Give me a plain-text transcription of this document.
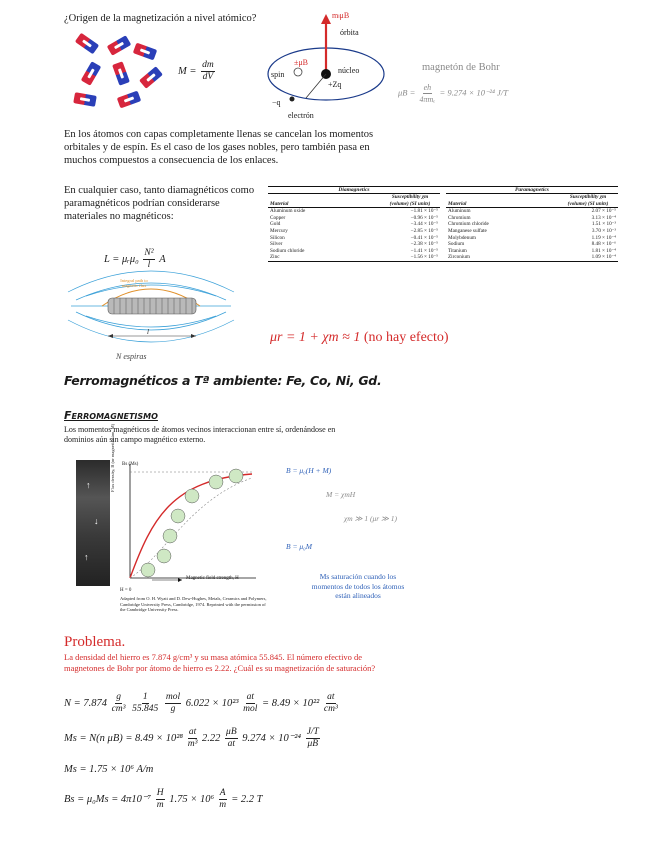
¿Origen de la magnetización a nivel atómico?
$M = \frac{dm}{dV}$
mₗμB
órbita
±μB
spin	núcleo
+Zq
−q
electrón
magnetón de Bohr
$\mu B = \frac{eh}{\text{4πmₑ}} = 9.274 \times 10^{-24}$ J/T
En los átomos con capas completamente llenas se cancelan los momentos orbitales y de espín. Es el caso de los gases nobles, pero también pasa en muchos compuestos a consecuencia de los enlaces.
En cualquier caso, tanto diamagnéticos como paramagnéticos podrían considerarse materiales no magnéticos:
L = μᵣμ₀ $\frac{\text{N²}}{l}$ A
Integral path to magnetic flux
l
N espiras
Diamagnetics	Paramagnetics
Material	Susceptibility χm (volume) (SI units)
Aluminum oxide	−1.81 × 10⁻⁵
Copper	−0.96 × 10⁻⁵
Gold	−3.44 × 10⁻⁵
Mercury	−2.85 × 10⁻⁵
Silicon	−0.41 × 10⁻⁵
Silver	−2.38 × 10⁻⁵
Sodium chloride	−1.41 × 10⁻⁵
Zinc	−1.56 × 10⁻⁵
Material	Susceptibility χm (volume) (SI units)
Aluminum	2.07 × 10⁻⁵
Chromium	3.13 × 10⁻⁴
Chromium chloride	1.51 × 10⁻³
Manganese sulfate	3.70 × 10⁻³
Molybdenum	1.19 × 10⁻⁴
Sodium	8.48 × 10⁻⁶
Titanium	1.81 × 10⁻⁴
Zirconium	1.09 × 10⁻⁴
μr = 1 + χm ≈ 1 (no hay efecto)
Ferromagnéticos a Tª ambiente: Fe, Co, Ni, Gd.
Ferromagnetismo
Los momentos magnéticos de átomos vecinos interaccionan entre sí, ordenándose en dominios aún sin campo magnético externo.
↑
↓
↑
Flux density, B (or magnetization, M) Bs (Ms)
Magnetic field strength, H
H = 0
Adapted from O. H. Wyatt and D. Dew-Hughes, Metals, Ceramics and Polymers, Cambridge University Press, Cambridge, 1974. Reprinted with the permission of the Cambridge University Press.
B = μ₀(H + M)
M = χmH
χm ≫ 1 (μr ≫ 1)
B = μ₀M
Ms saturación cuando los momentos de todos los átomos están alineados
Problema.
La densidad del hierro es 7.874 g/cm³ y su masa atómica 55.845. El número efectivo de magnetones de Bohr por átomo de hierro es 2.22. ¿Cuál es su magnetización de saturación?
$N = 7.874 \frac{g}{\text{cm³}}$
$\frac{1}{55.845}$
$\frac{\text{mol}}{g} 6.022 \times 10^{23} \frac{at}{\text{mol}} = 8.49 \times 10^{22} \frac{at}{\text{cm³}}$
Ms = N(n $\mu B) = 8.49 \times 10^{28} \frac{at}{\text{m³}} 2.22 \frac{\mu B}{at} 9.274 \times 10^{-24} \frac{J/T}{\mu B}$
Ms = 1.75 × 10⁶ A/m
$Bs = \mu_0Ms = 4\pi 10^{-7} \frac{H}{m} 1.75 \times 10^6 \frac{A}{m} = 2.2$ T
